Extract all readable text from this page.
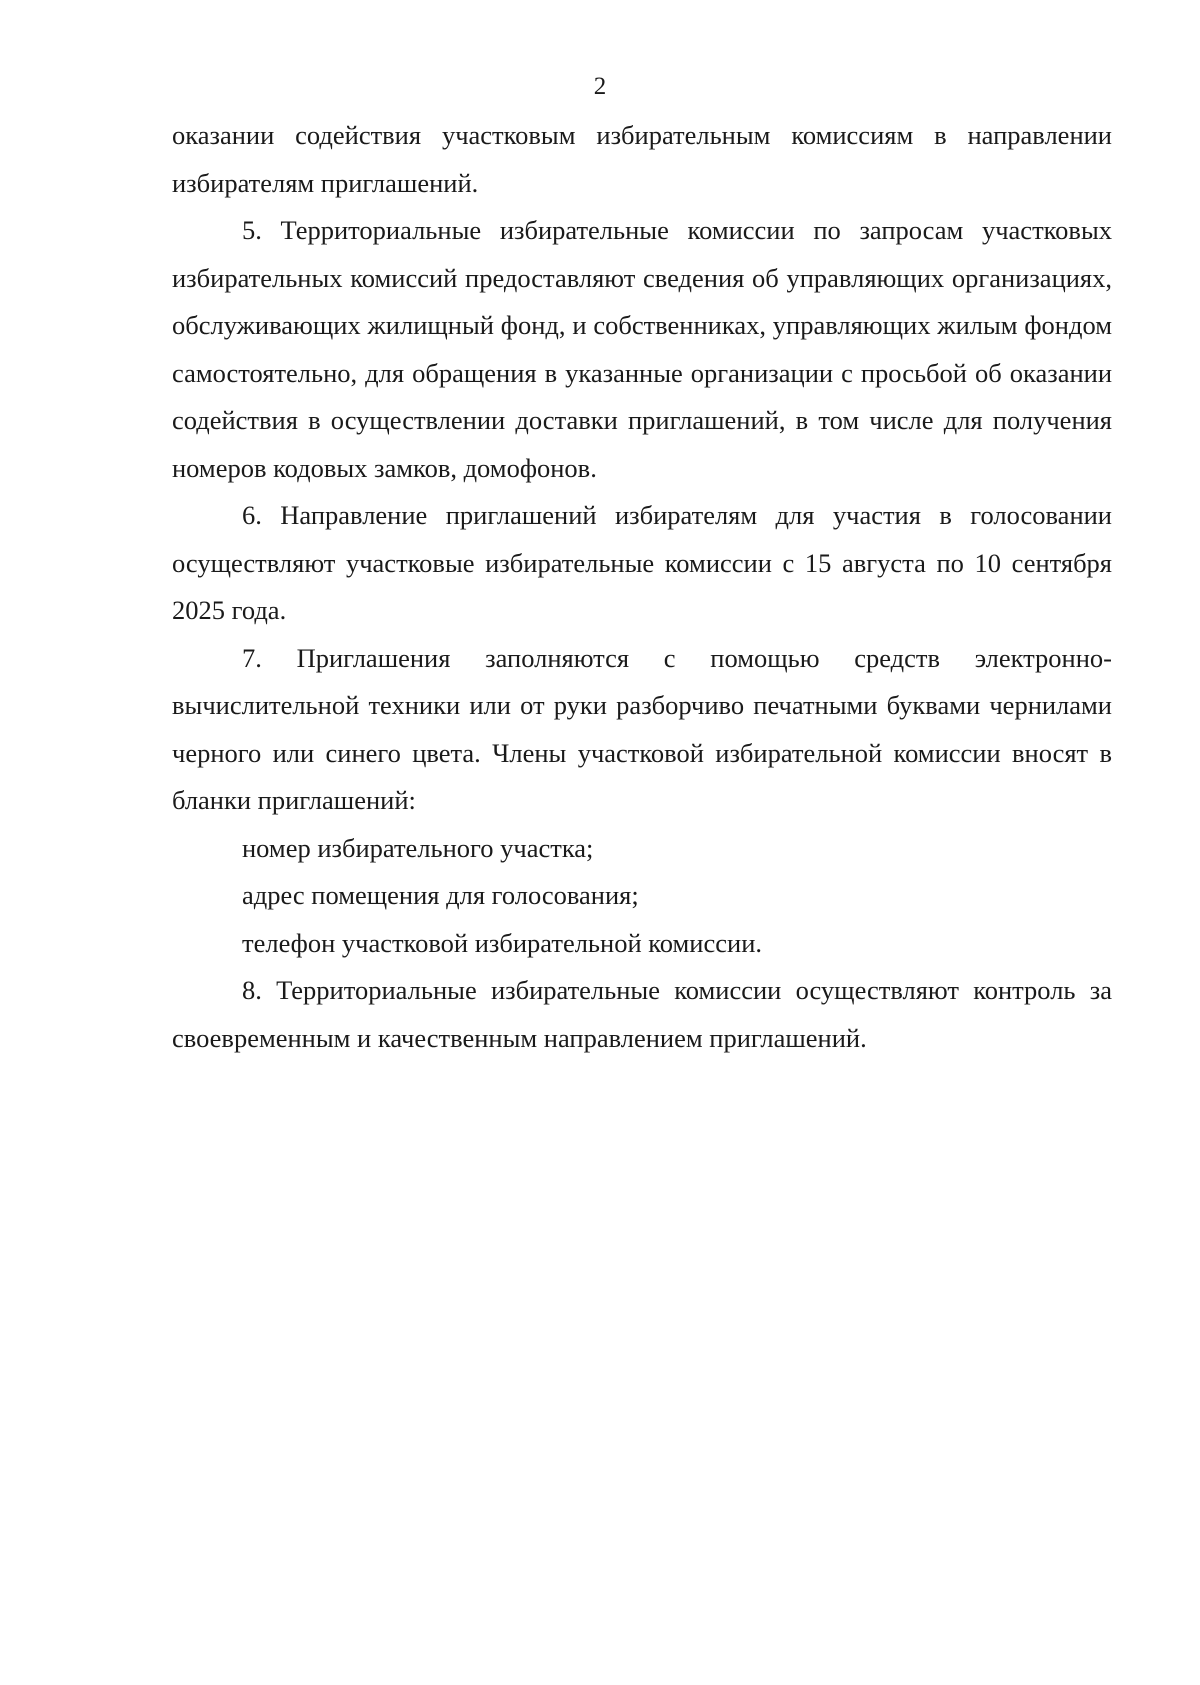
2

оказании содействия участковым избирательным комиссиям в направлении избирателям приглашений.

5. Территориальные избирательные комиссии по запросам участковых избирательных комиссий предоставляют сведения об управляющих организациях, обслуживающих жилищный фонд, и собственниках, управляющих жилым фондом самостоятельно, для обращения в указанные организации с просьбой об оказании содействия в осуществлении доставки приглашений, в том числе для получения номеров кодовых замков, домофонов.

6. Направление приглашений избирателям для участия в голосовании осуществляют участковые избирательные комиссии с 15 августа по 10 сентября 2025 года.

7. Приглашения заполняются с помощью средств электронно-вычислительной техники или от руки разборчиво печатными буквами чернилами черного или синего цвета. Члены участковой избирательной комиссии вносят в бланки приглашений:

номер избирательного участка;

адрес помещения для голосования;

телефон участковой избирательной комиссии.

8. Территориальные избирательные комиссии осуществляют контроль за своевременным и качественным направлением приглашений.
